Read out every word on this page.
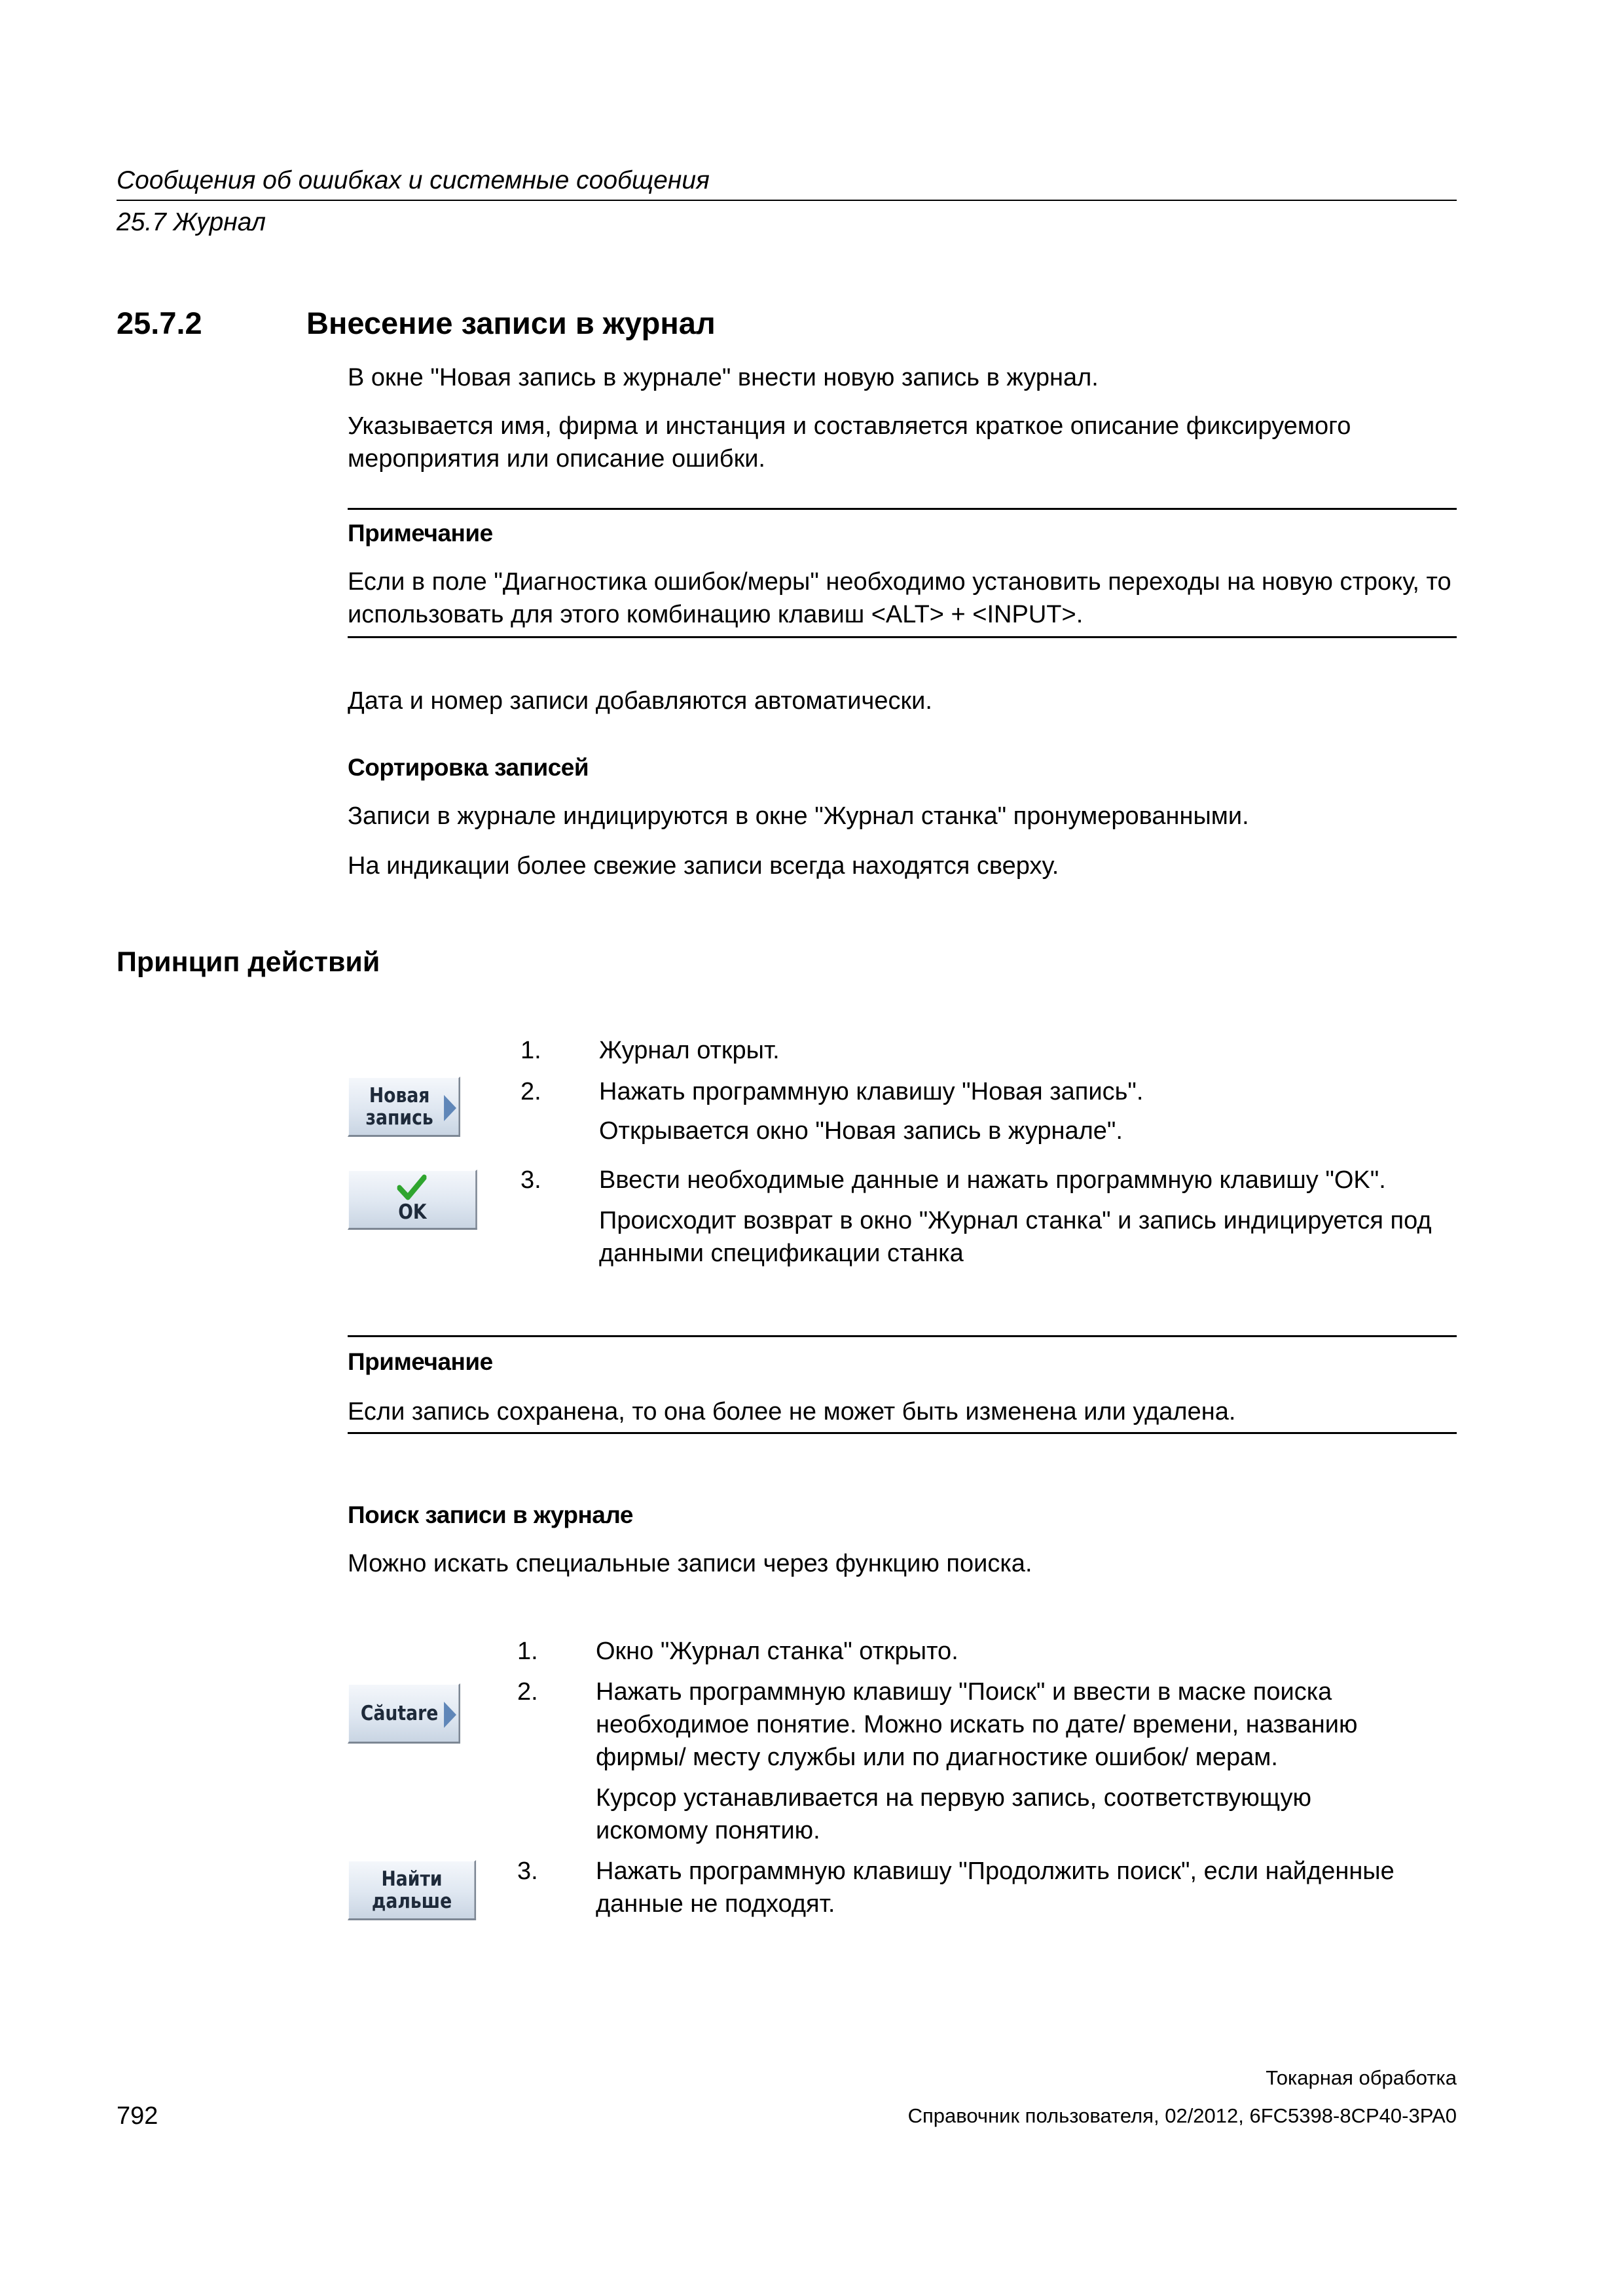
Сообщения об ошибках и системные сообщения
25.7 Журнал
25.7.2	Внесение записи в журнал
В окне "Новая запись в журнале" внести новую запись в журнал.
Указывается имя, фирма и инстанция и составляется краткое описание фиксируемого мероприятия или описание ошибки.
Примечание
Если в поле "Диагностика ошибок/меры" необходимо установить переходы на новую строку, то использовать для этого комбинацию клавиш <ALT> + <INPUT>.
Дата и номер записи добавляются автоматически.
Сортировка записей
Записи в журнале индицируются в окне "Журнал станка" пронумерованными.
На индикации более свежие записи всегда находятся сверху.
Принцип действий
1.	Журнал открыт.
2.	Нажать программную клавишу "Новая запись".
Открывается окно "Новая запись в журнале".
3.	Ввести необходимые данные и нажать программную клавишу "OK".
Происходит возврат в окно "Журнал станка" и запись индицируется под данными спецификации станка
Новая
запись
OK
Примечание
Если запись сохранена, то она более не может быть изменена или удалена.
Поиск записи в журнале
Можно искать специальные записи через функцию поиска.
1.	Окно "Журнал станка" открыто.
2.	Нажать программную клавишу "Поиск" и ввести в маске поиска необходимое понятие. Можно искать по дате/ времени, названию фирмы/ месту службы или по диагностике ошибок/ мерам.
Курсор устанавливается на первую запись, соответствующую искомому понятию.
3.	Нажать программную клавишу "Продолжить поиск", если найденные данные не подходят.
Căutare
Найти
дальше
Токарная обработка
792	Справочник пользователя, 02/2012, 6FC5398-8CP40-3PA0
